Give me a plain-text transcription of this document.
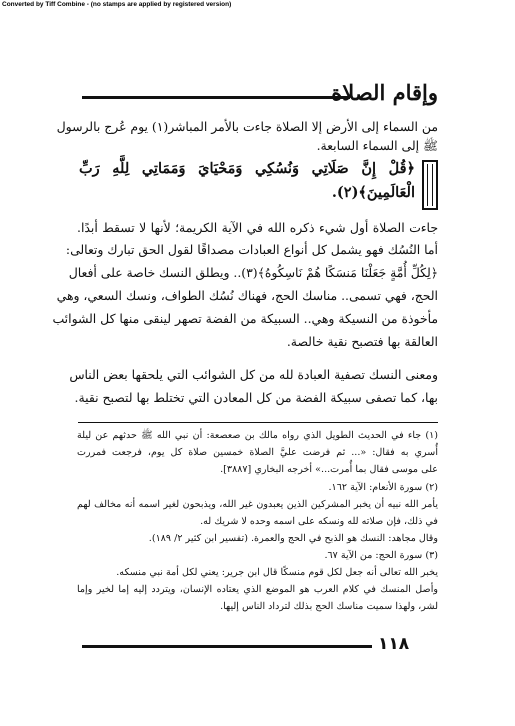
Converted by Tiff Combine - (no stamps are applied by registered version)
وإقام الصلاة
من السماء إلى الأرض إلا الصلاة جاءت بالأمر المباشر(١) يوم عُرج بالرسول
ﷺ إلى السماء السابعة.
﴿قُلْ إِنَّ صَلَاتِي وَنُسُكِي وَمَحْيَايَ وَمَمَاتِي لِلَّهِ رَبِّ
الْعَالَمِينَ﴾(٢).
جاءت الصلاة أول شيء ذكره الله في الآية الكريمة؛ لأنها لا تسقط أبدًا.
أما النُسُك فهو يشمل كل أنواع العبادات مصداقًا لقول الحق تبارك وتعالى:
﴿لِكُلِّ أُمَّةٍ جَعَلْنَا مَنسَكًا هُمْ نَاسِكُوهُ﴾(٣).. ويطلق النسك خاصة على أفعال
الحج، فهي تسمى.. مناسك الحج، فهناك نُسُك الطواف، ونسك السعي، وهي
مأخوذة من النسيكة وهي.. السبيكة من الفضة تصهر لينقى منها كل الشوائب
العالقة بها فتصبح نقية خالصة.
ومعنى النسك تصفية العبادة لله من كل الشوائب التي يلحقها بعض الناس
بها، كما تصفى سبيكة الفضة من كل المعادن التي تختلط بها لتصبح نقية.
(١) جاء في الحديث الطويل الذي رواه مالك بن صعصعة: أن نبي الله ﷺ حدثهم عن ليلة
أُسري به فقال: «... ثم فرضت عليَّ الصلاة خمسين صلاة كل يوم، فرجعت فمررت
على موسى فقال بما أُمرت...» أخرجه البخاري [٣٨٨٧].
(٢) سورة الأنعام: الآية ١٦٢.
يأمر الله نبيه أن يخبر المشركين الذين يعبدون غير الله، ويذبحون لغير اسمه أنه مخالف لهم
في ذلك، فإن صلاته لله ونسكه على اسمه وحده لا شريك له.
وقال مجاهد: النسك هو الذبح في الحج والعمرة. (تفسير ابن كثير ٢/ ١٨٩).
(٣) سورة الحج: من الآية ٦٧.
يخبر الله تعالى أنه جعل لكل قوم منسكًا قال ابن جرير: يعني لكل أمة نبي منسكه.
وأصل المنسك في كلام العرب هو الموضع الذي يعتاده الإنسان، ويتردد إليه إما لخير وإما
لشر، ولهذا سميت مناسك الحج بذلك لترداد الناس إليها.
١١٨
